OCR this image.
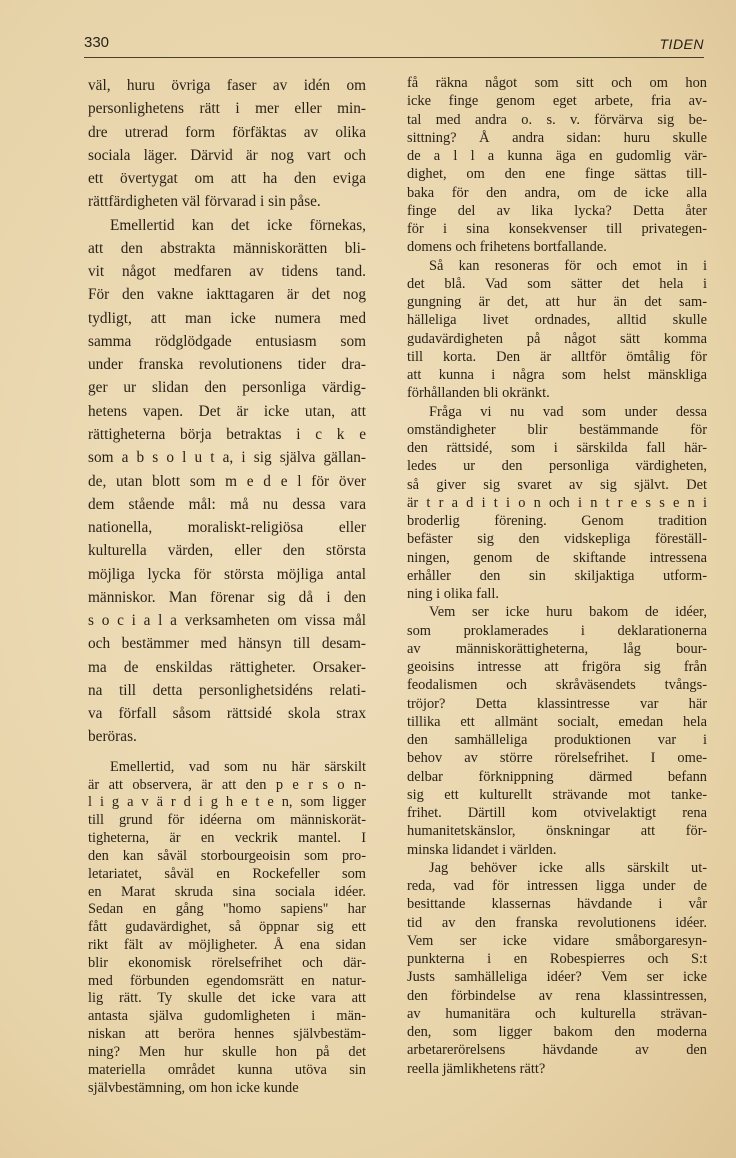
330	TIDEN
väl, huru övriga faser av idén om
personlighetens rätt i mer eller min-
dre utrerad form förfäktas av olika
sociala läger. Därvid är nog vart och
ett övertygat om att ha den eviga
rättfärdigheten väl förvarad i sin påse.
Emellertid kan det icke förnekas,
att den abstrakta människorätten bli-
vit något medfaren av tidens tand.
För den vakne iakttagaren är det nog
tydligt, att man icke numera med
samma rödglödgade entusiasm som
under franska revolutionens tider dra-
ger ur slidan den personliga värdig-
hetens vapen. Det är icke utan, att
rättigheterna börja betraktas i c k e
som a b s o l u t a, i sig själva gällan-
de, utan blott som m e d e l för över
dem stående mål: må nu dessa vara
nationella, moraliskt-religiösa eller
kulturella värden, eller den största
möjliga lycka för största möjliga antal
människor. Man förenar sig då i den
s o c i a l a verksamheten om vissa mål
och bestämmer med hänsyn till desam-
ma de enskildas rättigheter. Orsaker-
na till detta personlighetsidéns relati-
va förfall såsom rättsidé skola strax
beröras.
Emellertid, vad som nu här särskilt
är att observera, är att den p e r s o n-
l i g a v ä r d i g h e t e n, som ligger
till grund för idéerna om människorät-
tigheterna, är en veckrik mantel. I
den kan såväl storbourgeoisin som pro-
letariatet, såväl en Rockefeller som
en Marat skruda sina sociala idéer.
Sedan en gång ''homo sapiens'' har
fått gudavärdighet, så öppnar sig ett
rikt fält av möjligheter. Å ena sidan
blir ekonomisk rörelsefrihet och där-
med förbunden egendomsrätt en natur-
lig rätt. Ty skulle det icke vara att
antasta själva gudomligheten i män-
niskan att beröra hennes självbestäm-
ning? Men hur skulle hon på det
materiella området kunna utöva sin
självbestämning, om hon icke kunde
få räkna något som sitt och om hon
icke finge genom eget arbete, fria av-
tal med andra o. s. v. förvärva sig be-
sittning? Å andra sidan: huru skulle
de a l l a kunna äga en gudomlig vär-
dighet, om den ene finge sättas till-
baka för den andra, om de icke alla
finge del av lika lycka? Detta åter
för i sina konsekvenser till privategen-
domens och frihetens bortfallande.
Så kan resoneras för och emot in i
det blå. Vad som sätter det hela i
gungning är det, att hur än det sam-
hälleliga livet ordnades, alltid skulle
gudavärdigheten på något sätt komma
till korta. Den är alltför ömtålig för
att kunna i några som helst mänskliga
förhållanden bli okränkt.
Fråga vi nu vad som under dessa
omständigheter blir bestämmande för
den rättsidé, som i särskilda fall här-
ledes ur den personliga värdigheten,
så giver sig svaret av sig självt. Det
är t r a d i t i o n och i n t r e s s e n i
broderlig förening. Genom tradition
befäster sig den vidskepliga föreställ-
ningen, genom de skiftande intressena
erhåller den sin skiljaktiga utform-
ning i olika fall.
Vem ser icke huru bakom de idéer,
som proklamerades i deklarationerna
av människorättigheterna, låg bour-
geoisins intresse att frigöra sig från
feodalismen och skråväsendets tvångs-
tröjor? Detta klassintresse var här
tillika ett allmänt socialt, emedan hela
den samhälleliga produktionen var i
behov av större rörelsefrihet. I ome-
delbar förknippning därmed befann
sig ett kulturellt strävande mot tanke-
frihet. Därtill kom otvivelaktigt rena
humanitetskänslor, önskningar att för-
minska lidandet i världen.
Jag behöver icke alls särskilt ut-
reda, vad för intressen ligga under de
besittande klassernas hävdande i vår
tid av den franska revolutionens idéer.
Vem ser icke vidare småborgaresyn-
punkterna i en Robespierres och S:t
Justs samhälleliga idéer? Vem ser icke
den förbindelse av rena klassintressen,
av humanitära och kulturella strävan-
den, som ligger bakom den moderna
arbetarerörelsens hävdande av den
reella jämlikhetens rätt?
